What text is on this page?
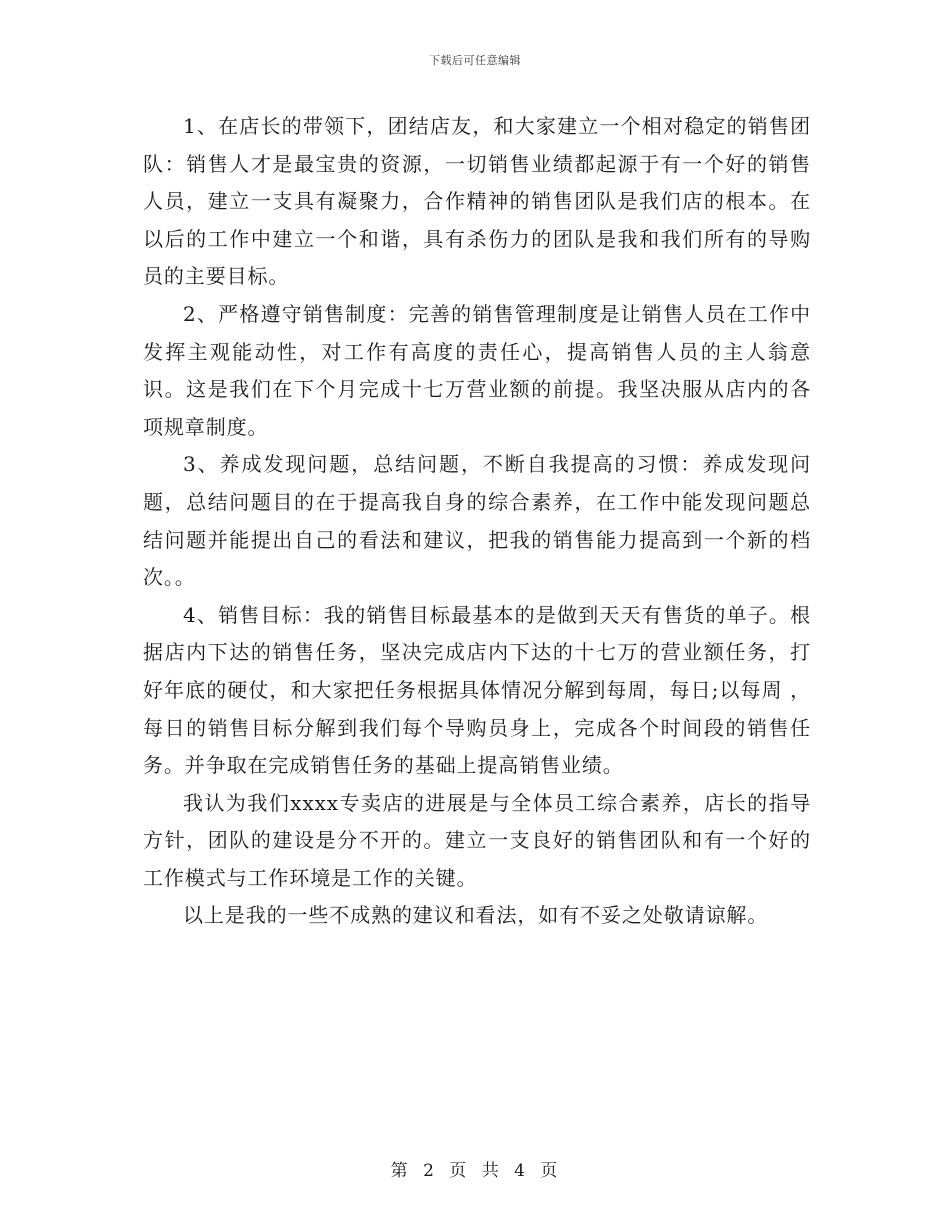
下载后可任意编辑

1、在店长的带领下，团结店友，和大家建立一个相对稳定的销售团队：销售人才是最宝贵的资源，一切销售业绩都起源于有一个好的销售人员，建立一支具有凝聚力，合作精神的销售团队是我们店的根本。在以后的工作中建立一个和谐，具有杀伤力的团队是我和我们所有的导购员的主要目标。

2、严格遵守销售制度：完善的销售管理制度是让销售人员在工作中发挥主观能动性，对工作有高度的责任心，提高销售人员的主人翁意识。这是我们在下个月完成十七万营业额的前提。我坚决服从店内的各项规章制度。

3、养成发现问题，总结问题，不断自我提高的习惯：养成发现问题，总结问题目的在于提高我自身的综合素养，在工作中能发现问题总结问题并能提出自己的看法和建议，把我的销售能力提高到一个新的档次。。

4、销售目标：我的销售目标最基本的是做到天天有售货的单子。根据店内下达的销售任务，坚决完成店内下达的十七万的营业额任务，打好年底的硬仗，和大家把任务根据具体情况分解到每周，每日;以每周 ，每日的销售目标分解到我们每个导购员身上，完成各个时间段的销售任务。并争取在完成销售任务的基础上提高销售业绩。

我认为我们xxxx专卖店的进展是与全体员工综合素养，店长的指导方针，团队的建设是分不开的。建立一支良好的销售团队和有一个好的工作模式与工作环境是工作的关键。

以上是我的一些不成熟的建议和看法，如有不妥之处敬请谅解。

第 2 页 共 4 页
